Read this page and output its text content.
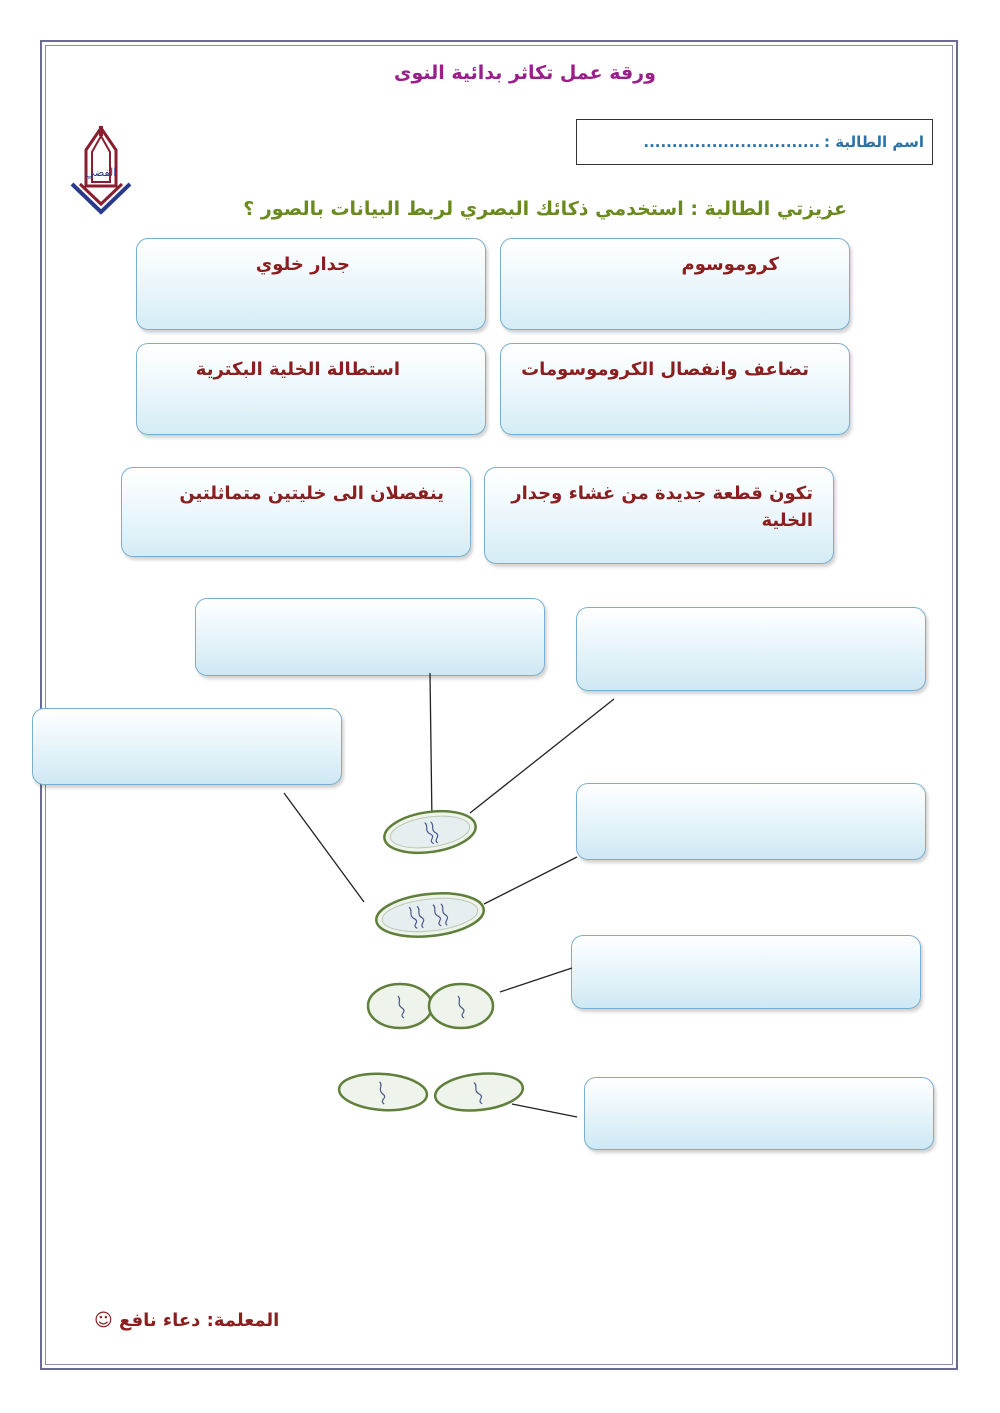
ورقة عمل تكاثر بدائية النوى
اسم الطالبة :
...............................
الفضي
عزيزتي الطالبة : استخدمي ذكائك البصري لربط البيانات بالصور ؟
كروموسوم
جدار خلوي
تضاعف وانفصال الكروموسومات
استطالة الخلية البكترية
تكون قطعة جديدة من غشاء وجدار الخلية
ينفصلان الى خليتين متماثلتين
المعلمة: دعاء نافع ☺
